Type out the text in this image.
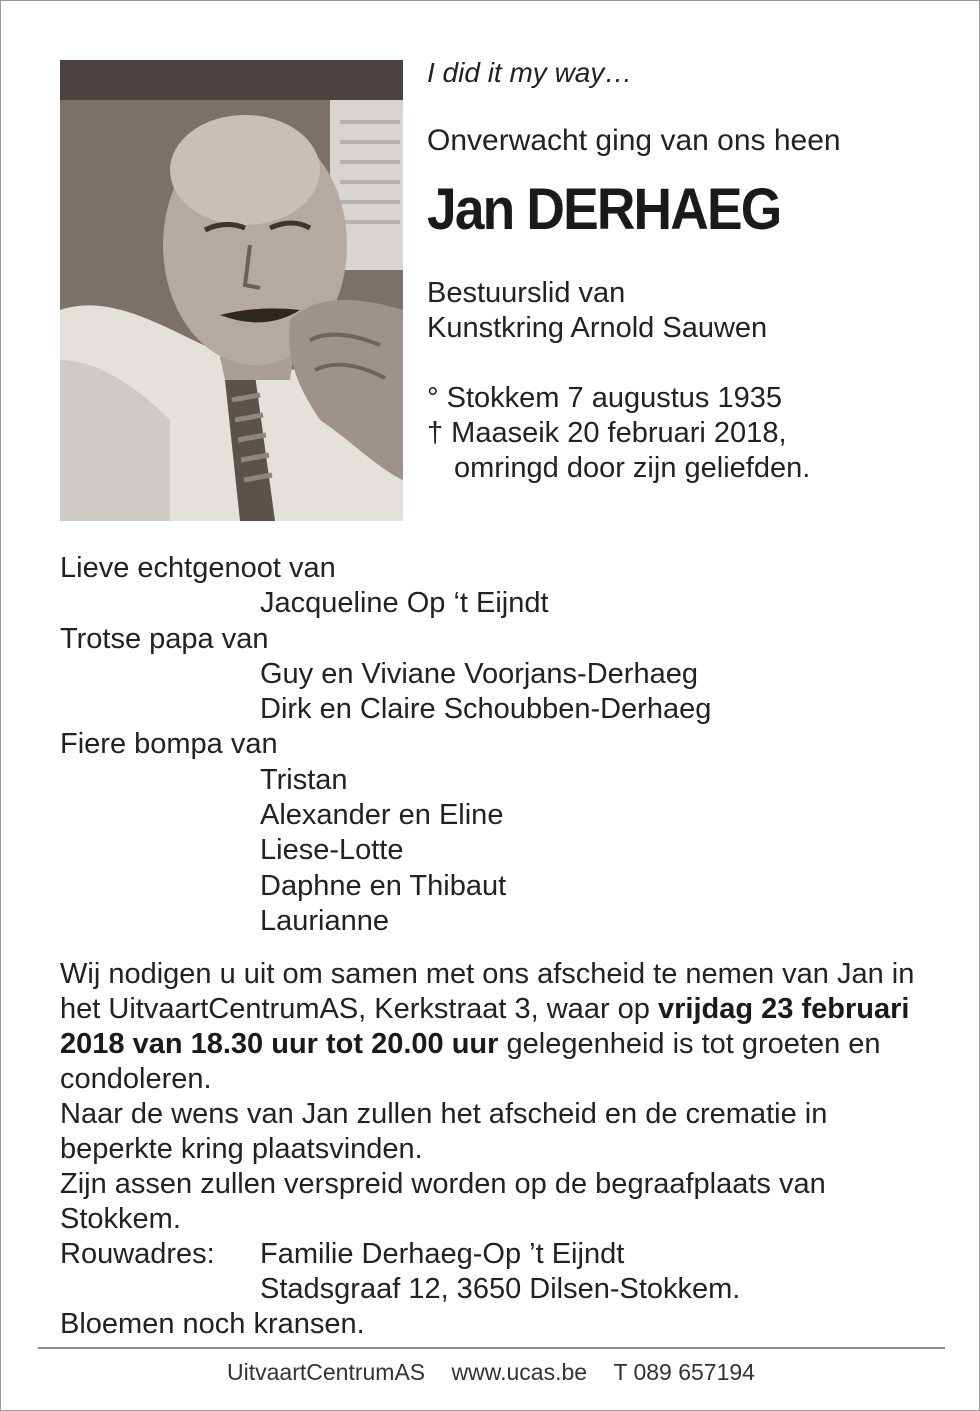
I did it my way…
Onverwacht ging van ons heen
Jan DERHAEG
Bestuurslid van
Kunstkring Arnold Sauwen
° Stokkem 7 augustus 1935
† Maaseik 20 februari 2018,
omringd door zijn geliefden.
Lieve echtgenoot van
Jacqueline Op ‘t Eijndt
Trotse papa van
Guy en Viviane Voorjans-Derhaeg
Dirk en Claire Schoubben-Derhaeg
Fiere bompa van
Tristan
Alexander en Eline
Liese-Lotte
Daphne en Thibaut
Laurianne
Wij nodigen u uit om samen met ons afscheid te nemen van Jan in het UitvaartCentrumAS, Kerkstraat 3, waar op vrijdag 23 februari 2018 van 18.30 uur tot 20.00 uur gelegenheid is tot groeten en condoleren.
Naar de wens van Jan zullen het afscheid en de crematie in beperkte kring plaatsvinden.
Zijn assen zullen verspreid worden op de begraafplaats van Stokkem.
Rouwadres:	Familie Derhaeg-Op ’t Eijndt
Stadsgraaf 12, 3650 Dilsen-Stokkem.
Bloemen noch kransen.
UitvaartCentrumAS www.ucas.be T 089 657194
